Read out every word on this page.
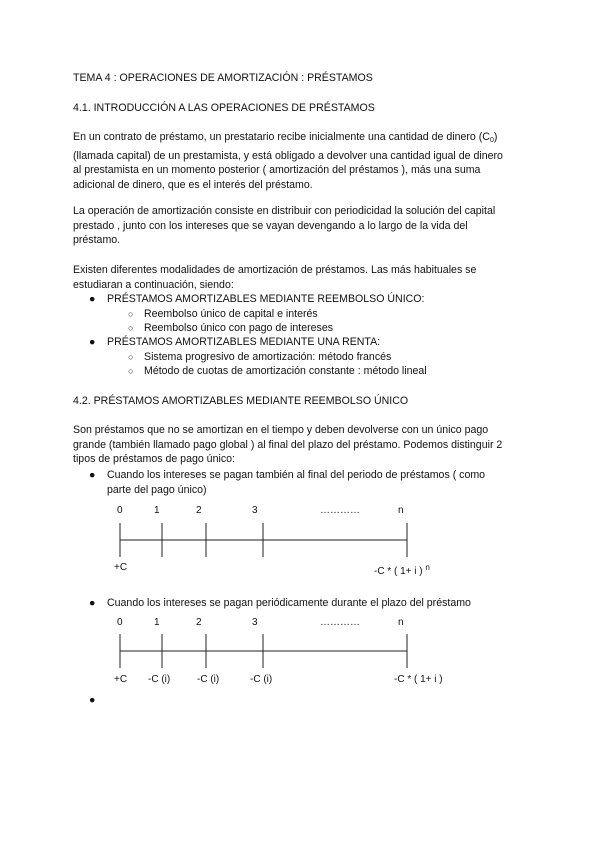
TEMA 4 : OPERACIONES DE AMORTIZACIÓN : PRÉSTAMOS
4.1. INTRODUCCIÓN A LAS OPERACIONES DE PRÉSTAMOS
En un contrato de préstamo, un prestatario recibe inicialmente una cantidad de dinero $(C_0)$
(llamada capital) de un prestamista, y está obligado a devolver una cantidad igual de dinero
al prestamista en un momento posterior ( amortización del préstamos ), más una suma
adicional de dinero, que es el interés del préstamo.
La operación de amortización consiste en distribuir con periodicidad la solución del capital
prestado , junto con los intereses que se vayan devengando a lo largo de la vida del
préstamo.
Existen diferentes modalidades de amortización de préstamos. Las más habituales se
estudiaran a continuación, siendo:
● PRÉSTAMOS AMORTIZABLES MEDIANTE REEMBOLSO ÚNICO:
○ Reembolso único de capital e interés
○ Reembolso único con pago de intereses
● PRÉSTAMOS AMORTIZABLES MEDIANTE UNA RENTA:
○ Sistema progresivo de amortización: método francés
○ Método de cuotas de amortización constante : método lineal
4.2. PRÉSTAMOS AMORTIZABLES MEDIANTE REEMBOLSO ÚNICO
Son préstamos que no se amortizan en el tiempo y deben devolverse con un único pago
grande (también llamado pago global ) al final del plazo del préstamo. Podemos distinguir 2
tipos de préstamos de pago único:
● Cuando los intereses se pagan también al final del periodo de préstamos ( como
parte del pago único)
0	1	2	3	…………	n
+C	-C * ( 1+ i ) $^n$
● Cuando los intereses se pagan periódicamente durante el plazo del préstamo
0	1	2	3	…………	n
+C -C (i)	-C (i)	-C (i)	-C * ( 1+ i )
●
